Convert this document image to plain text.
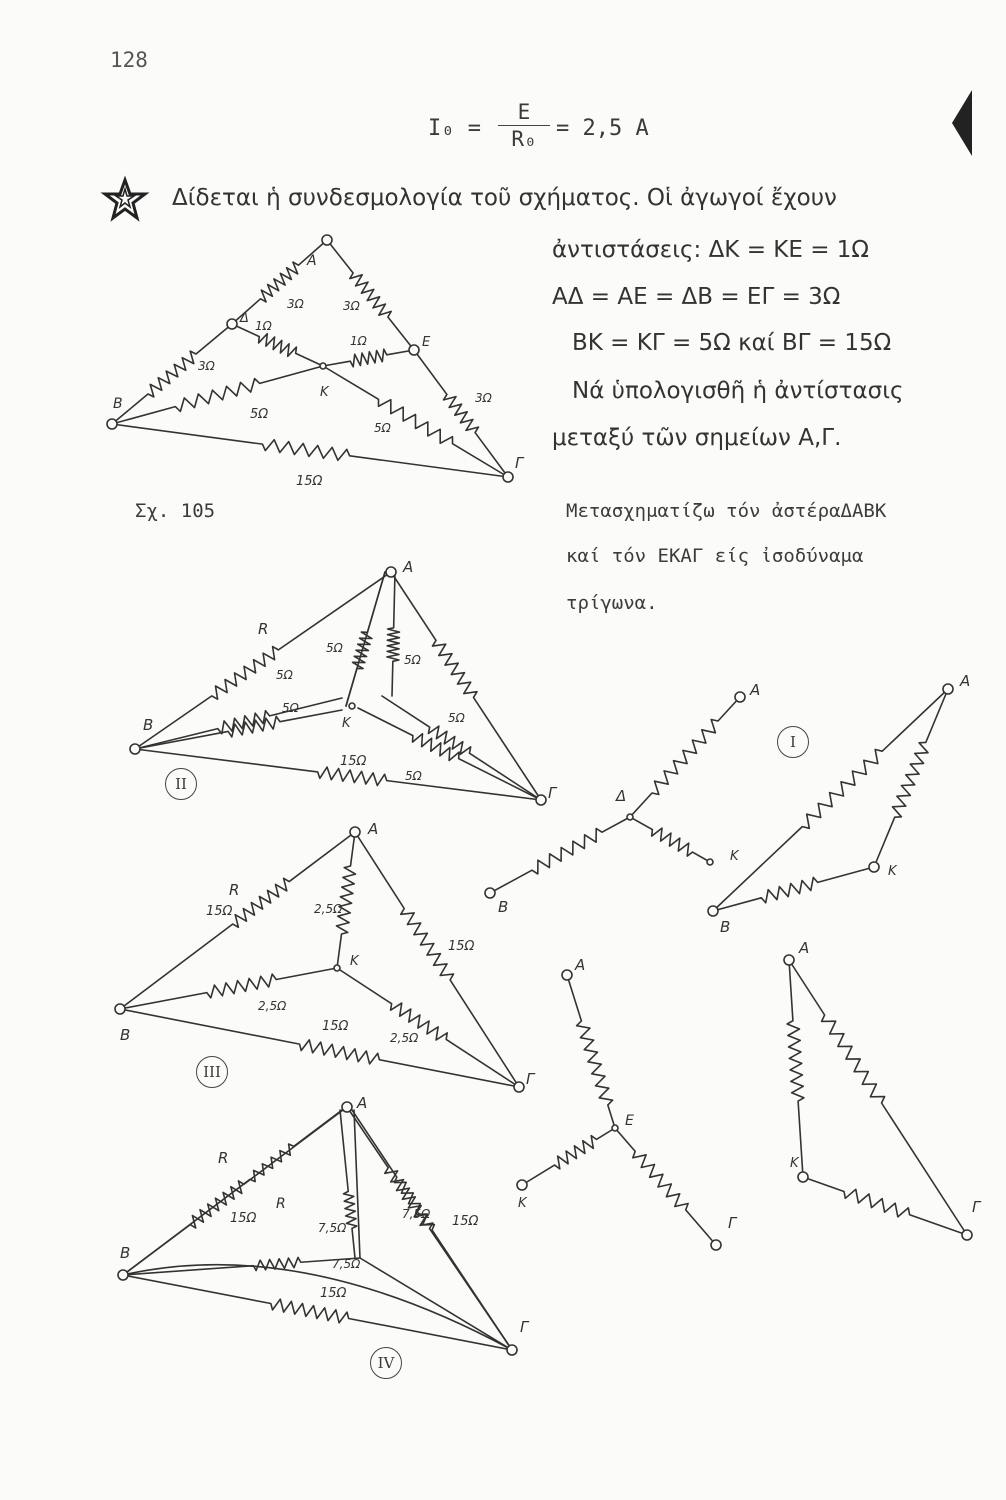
128
I₀ =
E
R₀ = 2,5 A
Δίδεται ἡ συνδεσμολογία τοῦ σχήματος. Οἱ ἀγωγοί ἔχουν
ἀντιστάσεις: ΔΚ = ΚΕ = 1Ω
ΑΔ = ΑΕ = ΔΒ = ΕΓ = 3Ω
ΒΚ = ΚΓ = 5Ω καί ΒΓ = 15Ω
Νά ὑπολογισθῆ ἡ ἀντίστασις
μεταξύ τῶν σημείων Α,Γ.
Σχ. 105	Μετασχηματίζω τόν ἀστέραΔΑΒΚ
καί τόν ΕΚΑΓ είς ἰσοδύναμα
τρίγωνα.
I
II
III
IV
A
B
Γ
Δ
E
K
3Ω	3Ω
3Ω
1Ω
1Ω
3Ω
5Ω
5Ω
15Ω
A
Δ
B
K
A
B
K
A
B
Γ
K
R
5Ω
5Ω
5Ω
5Ω
5Ω
5Ω
15Ω
A
B
Γ
K
R
15Ω	2,5Ω
15Ω
2,5Ω
15Ω
2,5Ω
A
E
K
Γ
A
K
Γ
A
B
Γ
R
15Ω
R
7,5Ω
7,5Ω 15Ω
7,5Ω
15Ω
